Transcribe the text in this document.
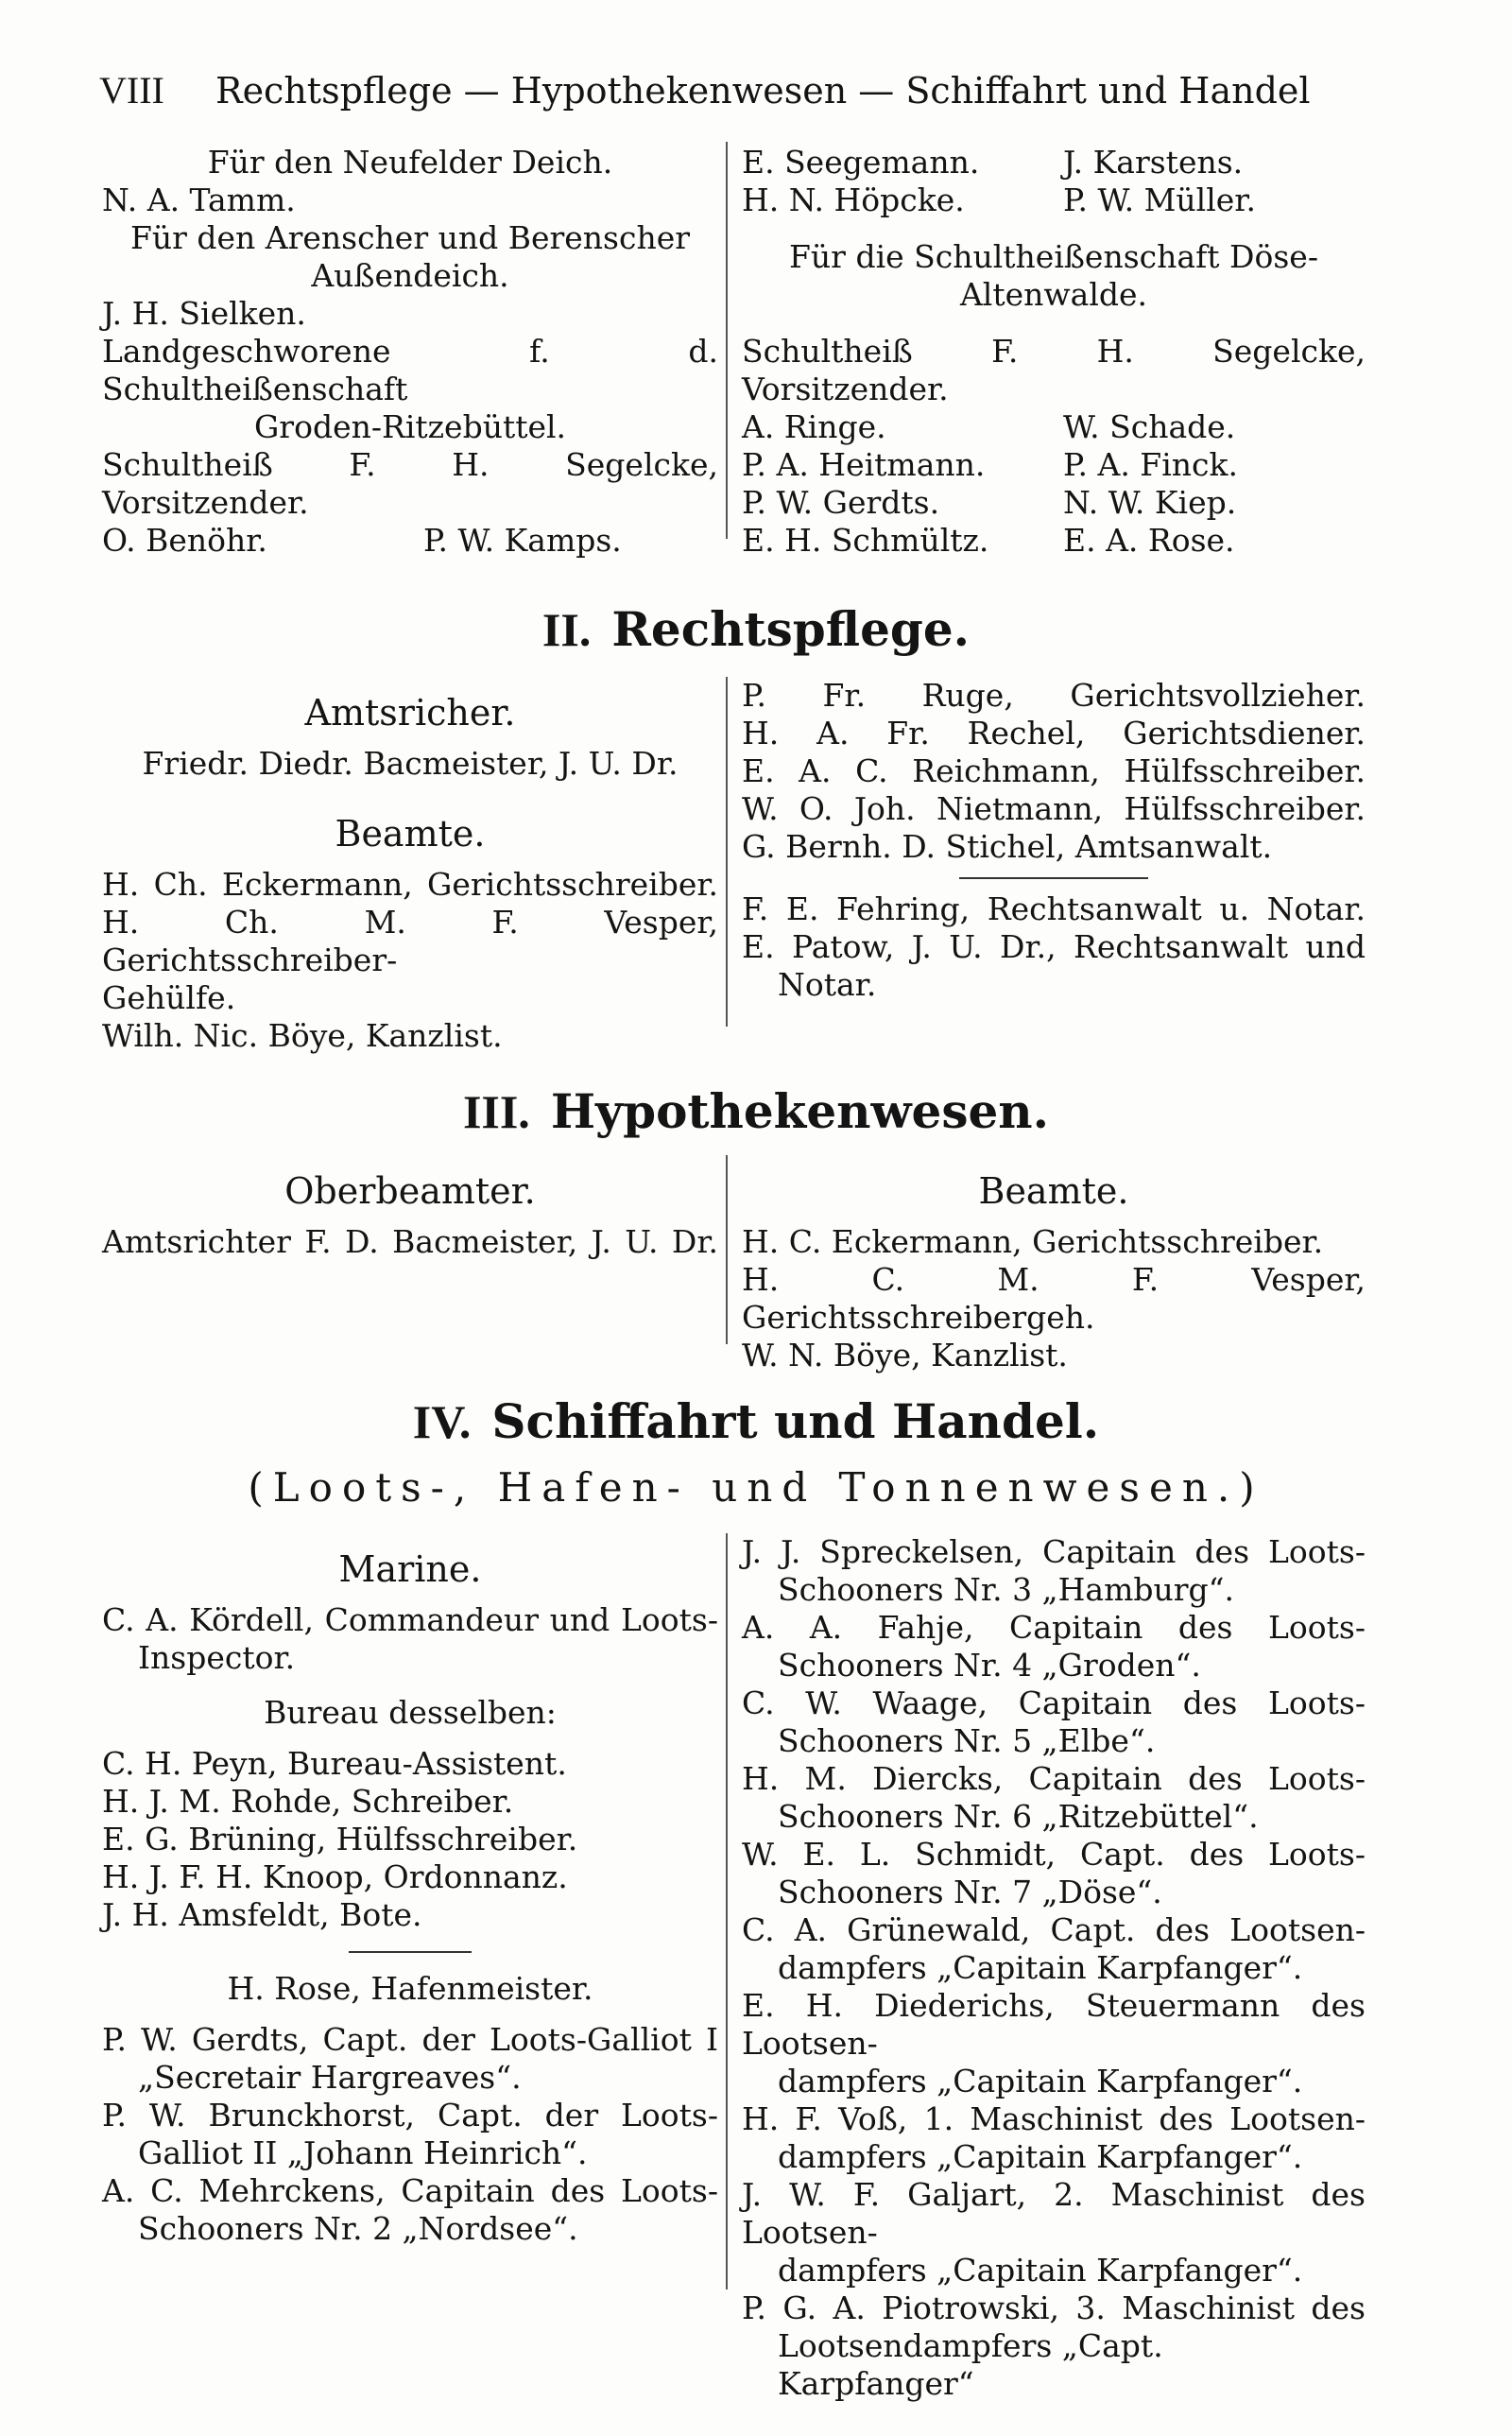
VIII Rechtspflege — Hypothekenwesen — Schiffahrt und Handel
Für den Neufelder Deich.
N. A. Tamm.
Für den Arenscher und Berenscher
Außendeich.
J. H. Sielken.
Landgeschworene f. d. Schultheißenschaft
Groden-Ritzebüttel.
Schultheiß F. H. Segelcke, Vorsitzender.
O. Benöhr.	P. W. Kamps.
E. Seegemann.	J. Karstens.
H. N. Höpcke.	P. W. Müller.
Für die Schultheißenschaft Döse-
Altenwalde.
Schultheiß F. H. Segelcke, Vorsitzender.
A. Ringe.	W. Schade.
P. A. Heitmann.	P. A. Finck.
P. W. Gerdts.	N. W. Kiep.
E. H. Schmültz.	E. A. Rose.
II. Rechtspflege.
Amtsricher.
Friedr. Diedr. Bacmeister, J. U. Dr.
Beamte.
H. Ch. Eckermann, Gerichtsschreiber.
H. Ch. M. F. Vesper, Gerichtsschreiber-
Gehülfe.
Wilh. Nic. Böye, Kanzlist.
P. Fr. Ruge, Gerichtsvollzieher.
H. A. Fr. Rechel, Gerichtsdiener.
E. A. C. Reichmann, Hülfsschreiber.
W. O. Joh. Nietmann, Hülfsschreiber.
G. Bernh. D. Stichel, Amtsanwalt.
F. E. Fehring, Rechtsanwalt u. Notar.
E. Patow, J. U. Dr., Rechtsanwalt und
Notar.
III. Hypothekenwesen.
Oberbeamter.
Amtsrichter F. D. Bacmeister, J. U. Dr.
Beamte.
H. C. Eckermann, Gerichtsschreiber.
H. C. M. F. Vesper, Gerichtsschreibergeh.
W. N. Böye, Kanzlist.
IV. Schiffahrt und Handel.
(Loots-, Hafen- und Tonnenwesen.)
Marine.
C. A. Kördell, Commandeur und Loots-
Inspector.
Bureau desselben:
C. H. Peyn, Bureau-Assistent.
H. J. M. Rohde, Schreiber.
E. G. Brüning, Hülfsschreiber.
H. J. F. H. Knoop, Ordonnanz.
J. H. Amsfeldt, Bote.
H. Rose, Hafenmeister.
P. W. Gerdts, Capt. der Loots-Galliot I
„Secretair Hargreaves“.
P. W. Brunckhorst, Capt. der Loots-
Galliot II „Johann Heinrich“.
A. C. Mehrckens, Capitain des Loots-
Schooners Nr. 2 „Nordsee“.
J. J. Spreckelsen, Capitain des Loots-
Schooners Nr. 3 „Hamburg“.
A. A. Fahje, Capitain des Loots-
Schooners Nr. 4 „Groden“.
C. W. Waage, Capitain des Loots-
Schooners Nr. 5 „Elbe“.
H. M. Diercks, Capitain des Loots-
Schooners Nr. 6 „Ritzebüttel“.
W. E. L. Schmidt, Capt. des Loots-
Schooners Nr. 7 „Döse“.
C. A. Grünewald, Capt. des Lootsen-
dampfers „Capitain Karpfanger“.
E. H. Diederichs, Steuermann des Lootsen-
dampfers „Capitain Karpfanger“.
H. F. Voß, 1. Maschinist des Lootsen-
dampfers „Capitain Karpfanger“.
J. W. F. Galjart, 2. Maschinist des Lootsen-
dampfers „Capitain Karpfanger“.
P. G. A. Piotrowski, 3. Maschinist des
Lootsendampfers „Capt. Karpfanger“
